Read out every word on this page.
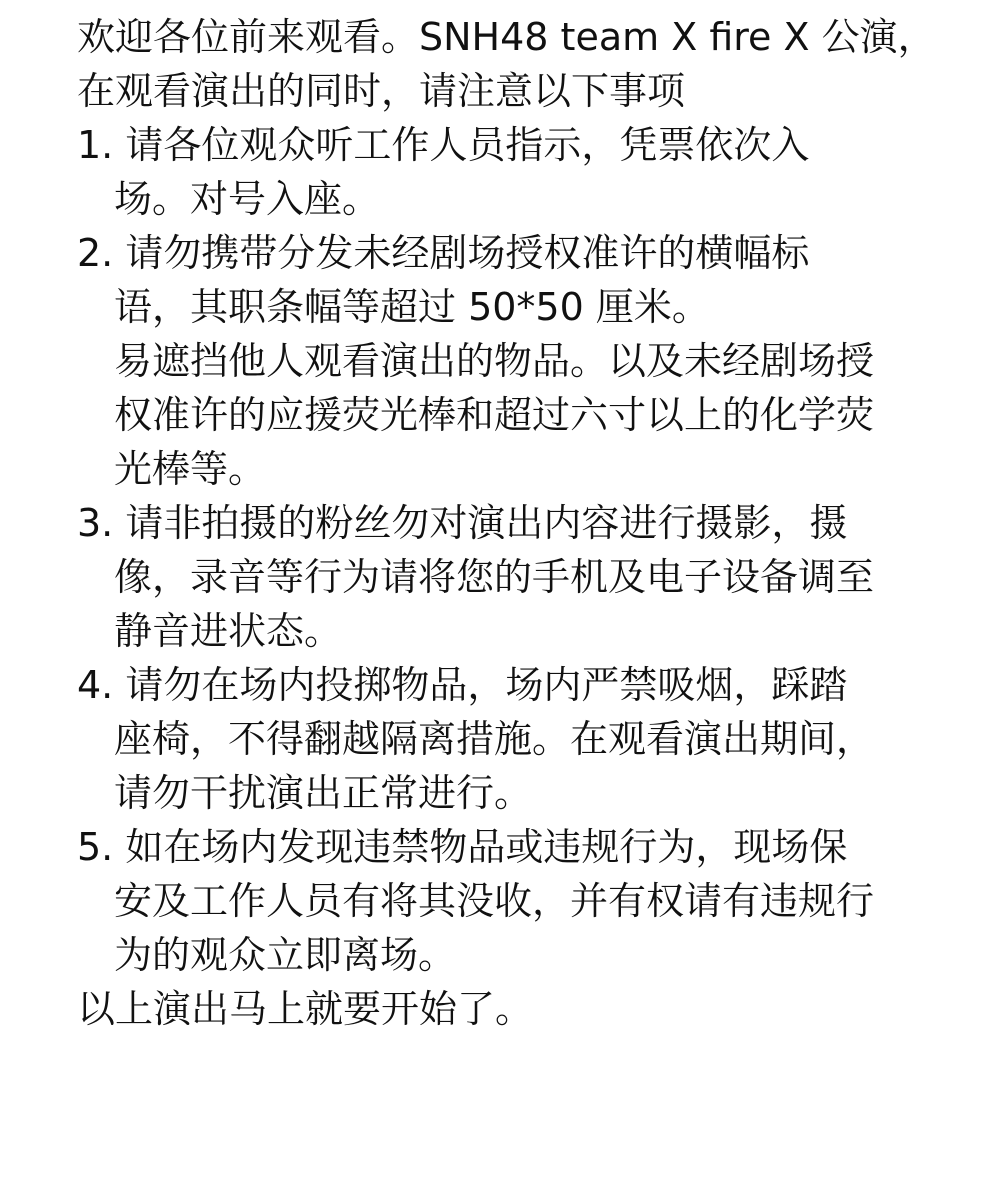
欢迎各位前来观看。SNH48 team X fire X 公演，
在观看演出的同时，请注意以下事项
1. 请各位观众听工作人员指示，凭票依次入
场。对号入座。
2. 请勿携带分发未经剧场授权准许的横幅标
语，其职条幅等超过 50*50 厘米。
易遮挡他人观看演出的物品。以及未经剧场授
权准许的应援荧光棒和超过六寸以上的化学荧
光棒等。
3. 请非拍摄的粉丝勿对演出内容进行摄影，摄
像，录音等行为请将您的手机及电子设备调至
静音进状态。
4. 请勿在场内投掷物品，场内严禁吸烟，踩踏
座椅，不得翻越隔离措施。在观看演出期间，
请勿干扰演出正常进行。
5. 如在场内发现违禁物品或违规行为，现场保
安及工作人员有将其没收，并有权请有违规行
为的观众立即离场。
以上演出马上就要开始了。
